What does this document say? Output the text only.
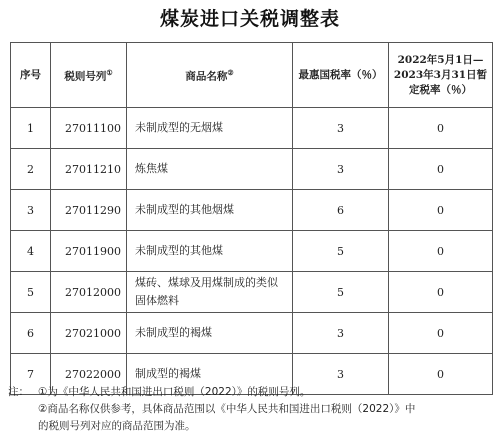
煤炭进口关税调整表
序号	税则号列①	商品名称②	最惠国税率（％）	2022年5月1日—2023年3月31日暂定税率（％）
1	27011100	未制成型的无烟煤	3	0
2	27011210	炼焦煤	3	0
3	27011290	未制成型的其他烟煤	6	0
4	27011900	未制成型的其他煤	5	0
5	27012000	煤砖、煤球及用煤制成的类似固体燃料	5	0
6	27021000	未制成型的褐煤	3	0
7	27022000	制成型的褐煤	3	0
注： ①为《中华人民共和国进出口税则（2022）》的税则号列。
②商品名称仅供参考，具体商品范围以《中华人民共和国进出口税则（2022）》中
的税则号列对应的商品范围为准。
